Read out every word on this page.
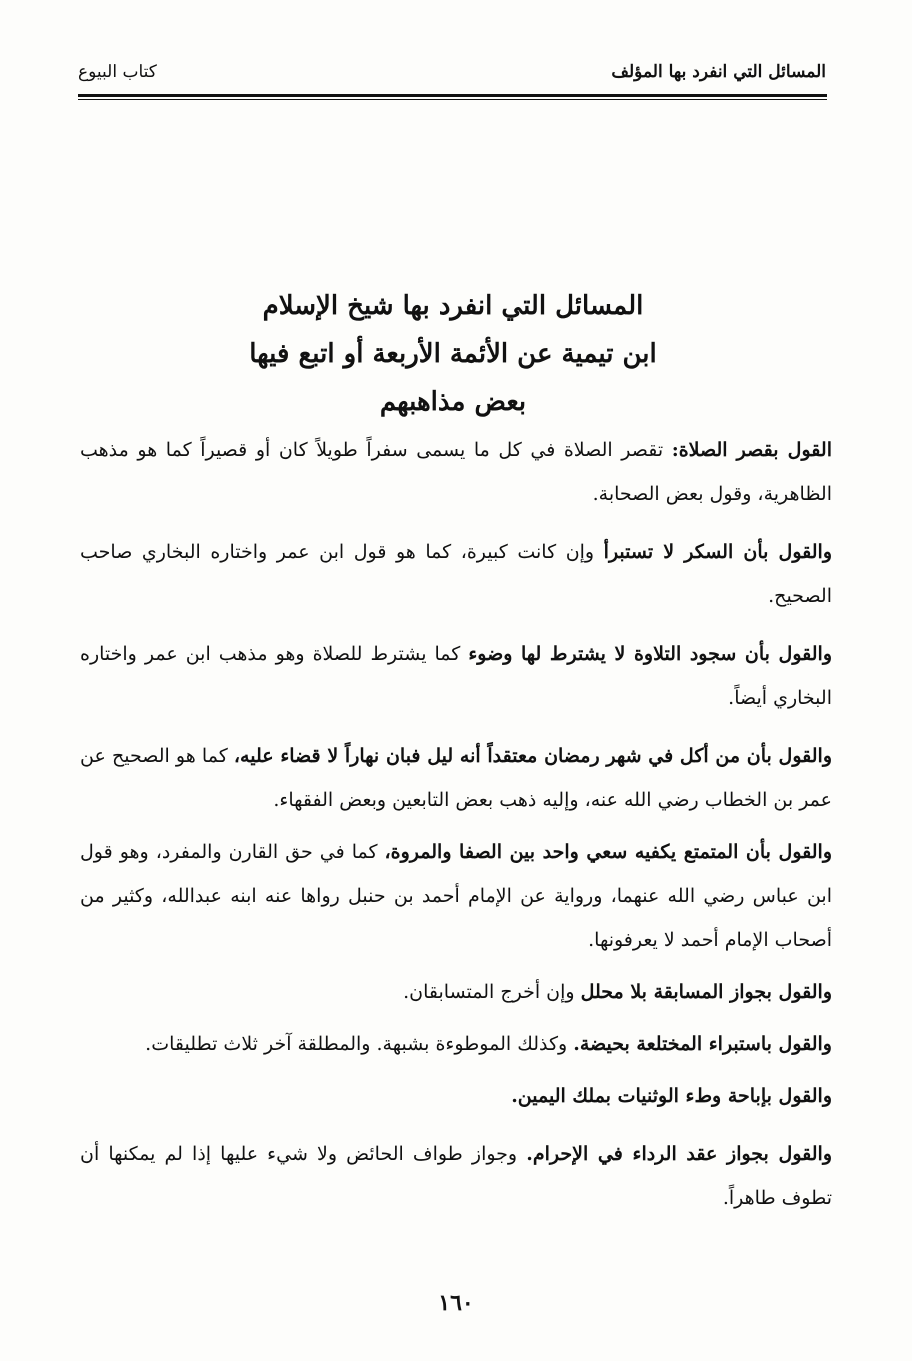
المسائل التي انفرد بها المؤلف
كتاب البيوع
المسائل التي انفرد بها شيخ الإسلام
ابن تيمية عن الأئمة الأربعة أو اتبع فيها
بعض مذاهبهم

القول بقصر الصلاة: تقصر الصلاة في كل ما يسمى سفراً طويلاً كان أو قصيراً كما هو مذهب الظاهرية، وقول بعض الصحابة.

والقول بأن السكر لا تستبرأ وإن كانت كبيرة، كما هو قول ابن عمر واختاره البخاري صاحب الصحيح.

والقول بأن سجود التلاوة لا يشترط لها وضوء كما يشترط للصلاة وهو مذهب ابن عمر واختاره البخاري أيضاً.

والقول بأن من أكل في شهر رمضان معتقداً أنه ليل فبان نهاراً لا قضاء عليه، كما هو الصحيح عن عمر بن الخطاب رضي الله عنه، وإليه ذهب بعض التابعين وبعض الفقهاء.

والقول بأن المتمتع يكفيه سعي واحد بين الصفا والمروة، كما في حق القارن والمفرد، وهو قول ابن عباس رضي الله عنهما، ورواية عن الإمام أحمد بن حنبل رواها عنه ابنه عبدالله، وكثير من أصحاب الإمام أحمد لا يعرفونها.

والقول بجواز المسابقة بلا محلل وإن أخرج المتسابقان.

والقول باستبراء المختلعة بحيضة. وكذلك الموطوءة بشبهة. والمطلقة آخر ثلاث تطليقات.

والقول بإباحة وطء الوثنيات بملك اليمين.

والقول بجواز عقد الرداء في الإحرام. وجواز طواف الحائض ولا شيء عليها إذا لم يمكنها أن تطوف طاهراً.

١٦٠
